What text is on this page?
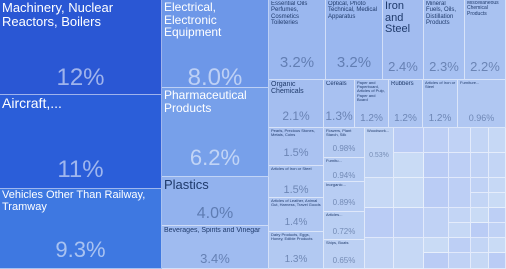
Machinery, Nuclear Reactors, Boilers
12%
Aircraft,...
11%
Vehicles Other Than Railway, Tramway
9.3%
Electrical, Electronic Equipment
8.0%
Pharmaceutical Products
6.2%
Plastics
4.0%
Beverages, Spirits and Vinegar
3.4%
Essential Oils Perfumes, Cosmetics Toileteries
3.2%
Optical, Photo Technical, Medical Apparatus
3.2%
Iron and Steel
2.4%
Mineral Fuels, Oils, Distillation Products
2.3%
Miscellaneous Chemical Products
2.2%
Organic Chemicals
2.1%
Cereals
1.3%
Paper and Paperboard, Articles of Pulp, Paper and Board
1.2%
Rubbers
1.2%
Articles of Iron or Steel
1.2%
Furniture...
0.96%
Pearls, Precious Stones, Metals, Coins
1.5%
Articles of Iron or Steel
1.5%
Articles of Leather, Animal Gut, Harness, Travel Goods
1.4%
Dairy Products, Eggs, Honey, Edible Products
1.3%
Flowers, Plant Starch, Silk
0.98%
Furnitu...
0.94%
Inorganic...
0.89%
Articles...
0.72%
Ships, Boats
0.65%
Woodwork...
0.53%
